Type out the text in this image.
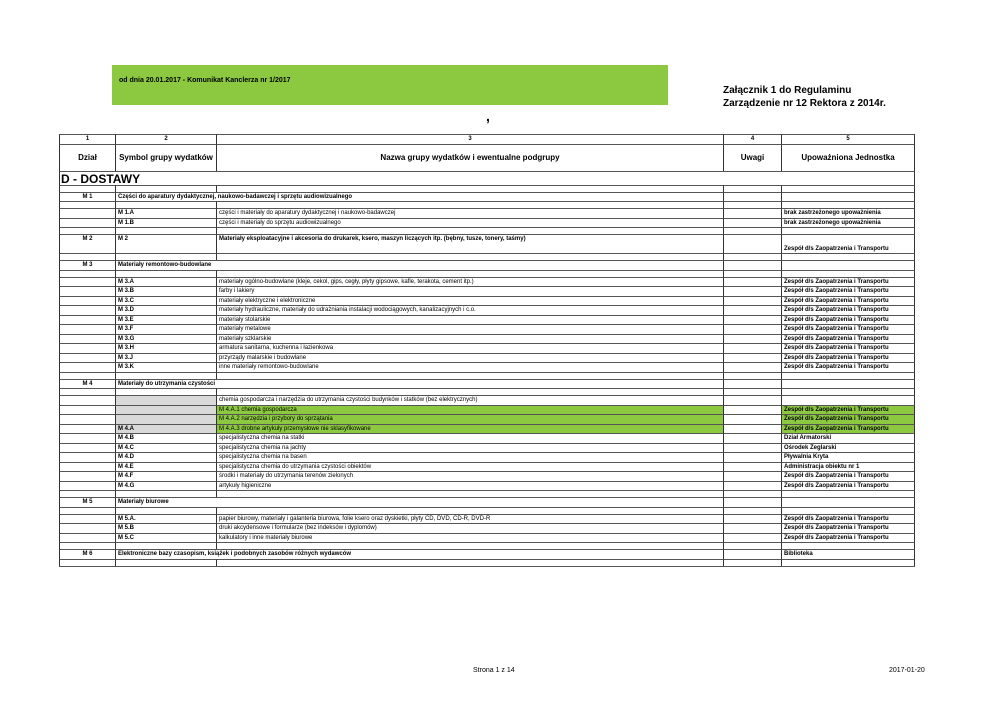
od dnia 20.01.2017 - Komunikat Kanclerza nr 1/2017
Załącznik 1 do Regulaminu
Zarządzenie nr 12 Rektora z 2014r.
,
1	2	3	4	5
Dział	Symbol grupy wydatków	Nazwa grupy wydatków i ewentualne podgrupy	Uwagi	Upoważniona Jednostka
D - DOSTAWY
M 1	Części do aparatury dydaktycznej, naukowo-badawczej i sprzętu audiowizualnego
M 1.A	części i materiały do aparatury dydaktycznej i naukowo-badawczej	brak zastrzeżonego upoważnienia
M 1.B	części i materiały do sprzętu audiowizualnego	brak zastrzeżonego upoważnienia
M 2	M 2	Materiały eksploatacyjne i akcesoria do drukarek, ksero, maszyn liczących itp. (bębny, tusze, tonery, taśmy)
Zespół d/s Zaopatrzenia i Transportu
M 3	Materiały remontowo-budowlane
M 3.A	materiały ogólno-budowlane (kleje, cekol, gips, cegły, płyty gipsowe, kafle, terakota, cement itp.)	Zespół d/s Zaopatrzenia i Transportu
M 3.B	farby i lakiery	Zespół d/s Zaopatrzenia i Transportu
M 3.C	materiały elektryczne i elektroniczne	Zespół d/s Zaopatrzenia i Transportu
M 3.D	materiały hydrauliczne, materiały do udrażniania instalacji wodociągowych, kanalizacyjnych i c.o.	Zespół d/s Zaopatrzenia i Transportu
M 3.E	materiały stolarskie	Zespół d/s Zaopatrzenia i Transportu
M 3.F	materiały metalowe	Zespół d/s Zaopatrzenia i Transportu
M 3.G	materiały szklarskie	Zespół d/s Zaopatrzenia i Transportu
M 3.H	armatura sanitarna, kuchenna i łazienkowa	Zespół d/s Zaopatrzenia i Transportu
M 3.J	przyrządy malarskie i budowlane	Zespół d/s Zaopatrzenia i Transportu
M 3.K	inne materiały remontowo-budowlane	Zespół d/s Zaopatrzenia i Transportu
M 4	Materiały do utrzymania czystości
chemia gospodarcza i narzędzia do utrzymania czystości budynków i statków (bez elektrycznych)
M 4.A.1 chemia gospodarcza	Zespół d/s Zaopatrzenia i Transportu
M 4.A.2 narzędzia i przybory do sprzątania	Zespół d/s Zaopatrzenia i Transportu
M 4.A	M 4.A.3 drobne artykuły przemysłowe nie sklasyfikowane	Zespół d/s Zaopatrzenia i Transportu
M 4.B	specjalistyczna chemia na statki	Dział Armatorski
M 4.C	specjalistyczna chemia na jachty	Ośrodek Żeglarski
M 4.D	specjalistyczna chemia na basen	Pływalnia Kryta
M 4.E	specjalistyczna chemia do utrzymania czystości obiektów	Administracja obiektu nr 1
M 4.F	środki i materiały do utrzymania terenów zielonych	Zespół d/s Zaopatrzenia i Transportu
M 4.G	artykuły higieniczne	Zespół d/s Zaopatrzenia i Transportu
M 5	Materiały biurowe
M 5.A.	papier biurowy, materiały i galanteria biurowa, folie ksero oraz dyskietki, płyty CD, DVD, CD-R, DVD-R	Zespół d/s Zaopatrzenia i Transportu
M 5.B	druki akcydensowe i formularze (bez indeksów i dyplomów)	Zespół d/s Zaopatrzenia i Transportu
M 5.C	kalkulatory i inne materiały biurowe	Zespół d/s Zaopatrzenia i Transportu
M 6	Elektroniczne bazy czasopism, książek i podobnych zasobów różnych wydawców	Biblioteka
Strona 1 z 14	2017-01-20
